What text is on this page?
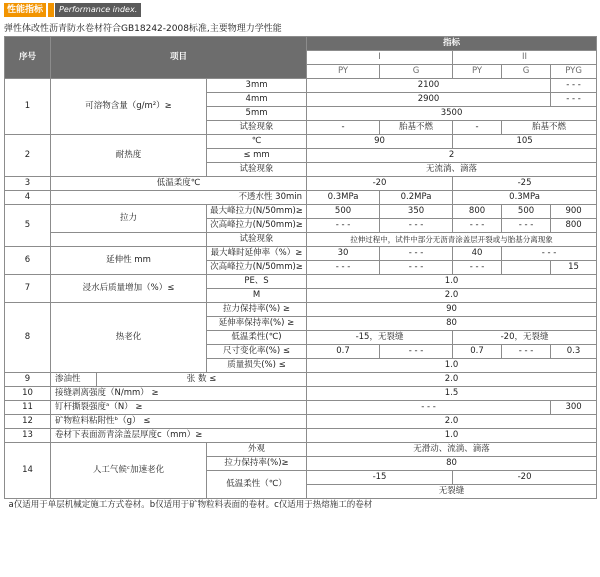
性能指标	Performance index.
弹性体改性沥青防水卷材符合GB18242-2008标准,主要物理力学性能
序号	项目			指标				
				I		II		
				PY	G	PY	G	PYG
1	可溶物含量（g/m²）≥		3mm	2100				- - -
			4mm	2900				- - -
			5mm	3500				
			试验现象	-	胎基不燃	-	胎基不燃	
2	耐热度		℃	90		105		
			≤ mm	2				
			试验现象	无流淌、滴落				
3	低温柔度℃			-20		-25		
4	不透水性 30min			0.3MPa	0.2MPa	0.3MPa		
5	拉力		最大峰拉力(N/50mm)≥	500	350	800	500	900
			次高峰拉力(N/50mm)≥	- - -	- - -	- - -	- - -	800
			试验现象	拉伸过程中，试件中部分无沥青涂盖层开裂或与胎基分离现象				
6	延伸性 mm		最大峰时延伸率（%）≥	30	- - -	40	- - -	
			次高峰拉力(N/50mm)≥	- - -	- - -	- - -		15
7	浸水后质量增加（%）≤		PE、S	1.0				
			M	2.0				
8	热老化		拉力保持率(%) ≥	90				
			延伸率保持率(%) ≥	80				
			低温柔性(℃)	-15，无裂缝		-20，无裂缝		
			尺寸变化率(%) ≤	0.7	- - -	0.7	- - -	0.3
			质量损失(%) ≤	1.0				
9	渗油性	张 数 ≤		2.0				
10	接缝剥离强度（N/mm） ≥			1.5				
11	钉杆撕裂强度ᵃ（N） ≥			- - -				300
12	矿物粒料粘附性ᵇ（g） ≤			2.0				
13	卷材下表面沥青涂盖层厚度c（mm）≥			1.0				
14	人工气候ᶜ加速老化		外观	无滑动、流淌、滴落				
			拉力保持率(%)≥	80				
			低温柔性（℃）	-15		-20		
				无裂缝				
a仅适用于单层机械定施工方式卷材。b仅适用于矿物粒料表面的卷材。c仅适用于热熔施工的卷材								
